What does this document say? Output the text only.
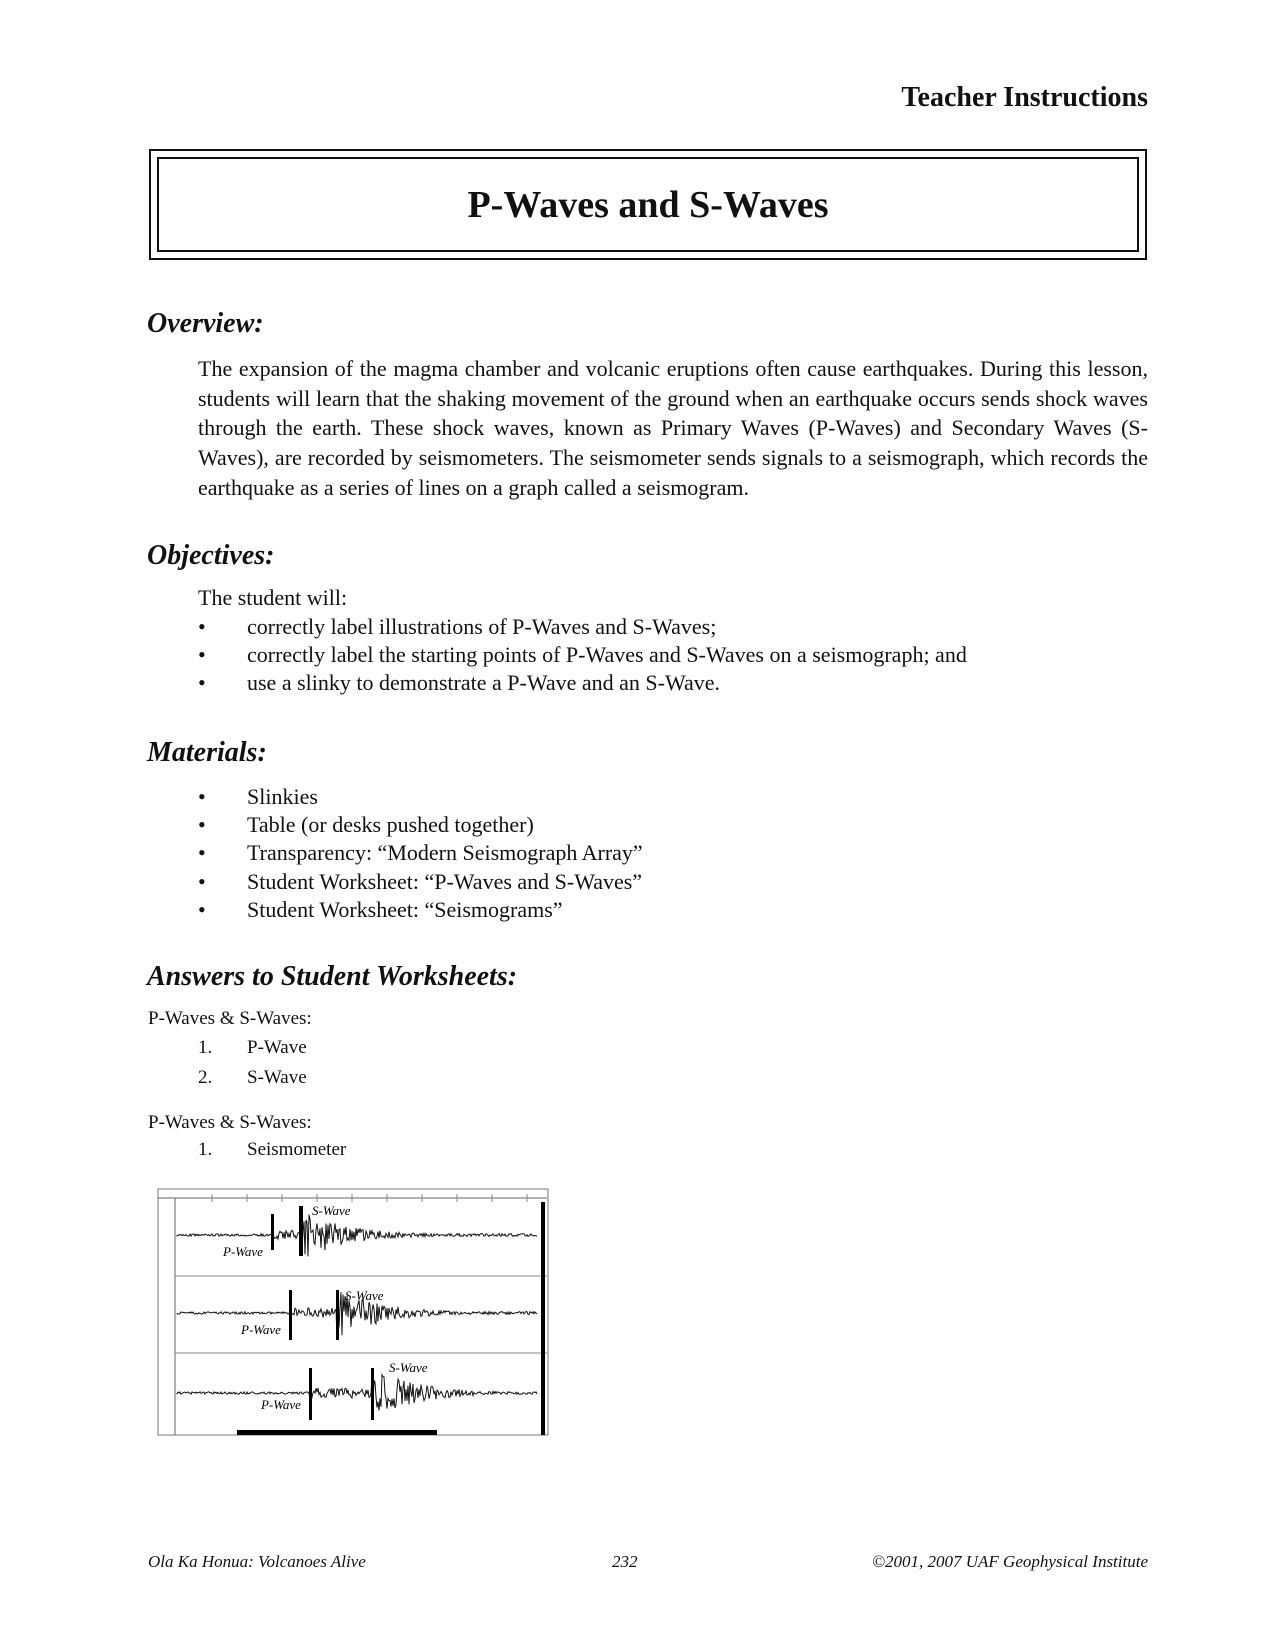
Teacher Instructions
P-Waves and S-Waves
Overview:
The expansion of the magma chamber and volcanic eruptions often cause earthquakes. During this lesson, students will learn that the shaking movement of the ground when an earthquake occurs sends shock waves through the earth. These shock waves, known as Primary Waves (P-Waves) and Secondary Waves (S-Waves), are recorded by seismometers. The seismometer sends signals to a seismograph, which records the earthquake as a series of lines on a graph called a seismogram.
Objectives:
The student will:
• correctly label illustrations of P-Waves and S-Waves;
• correctly label the starting points of P-Waves and S-Waves on a seismograph; and
• use a slinky to demonstrate a P-Wave and an S-Wave.
Materials:
• Slinkies
• Table (or desks pushed together)
• Transparency: “Modern Seismograph Array”
• Student Worksheet: “P-Waves and S-Waves”
• Student Worksheet: “Seismograms”
Answers to Student Worksheets:
P-Waves & S-Waves:
1. P-Wave
2. S-Wave
P-Waves & S-Waves:
1. Seismometer
S-Wave
P-Wave
S-Wave
P-Wave
S-Wave
P-Wave
Ola Ka Honua: Volcanoes Alive	232	©2001, 2007 UAF Geophysical Institute
